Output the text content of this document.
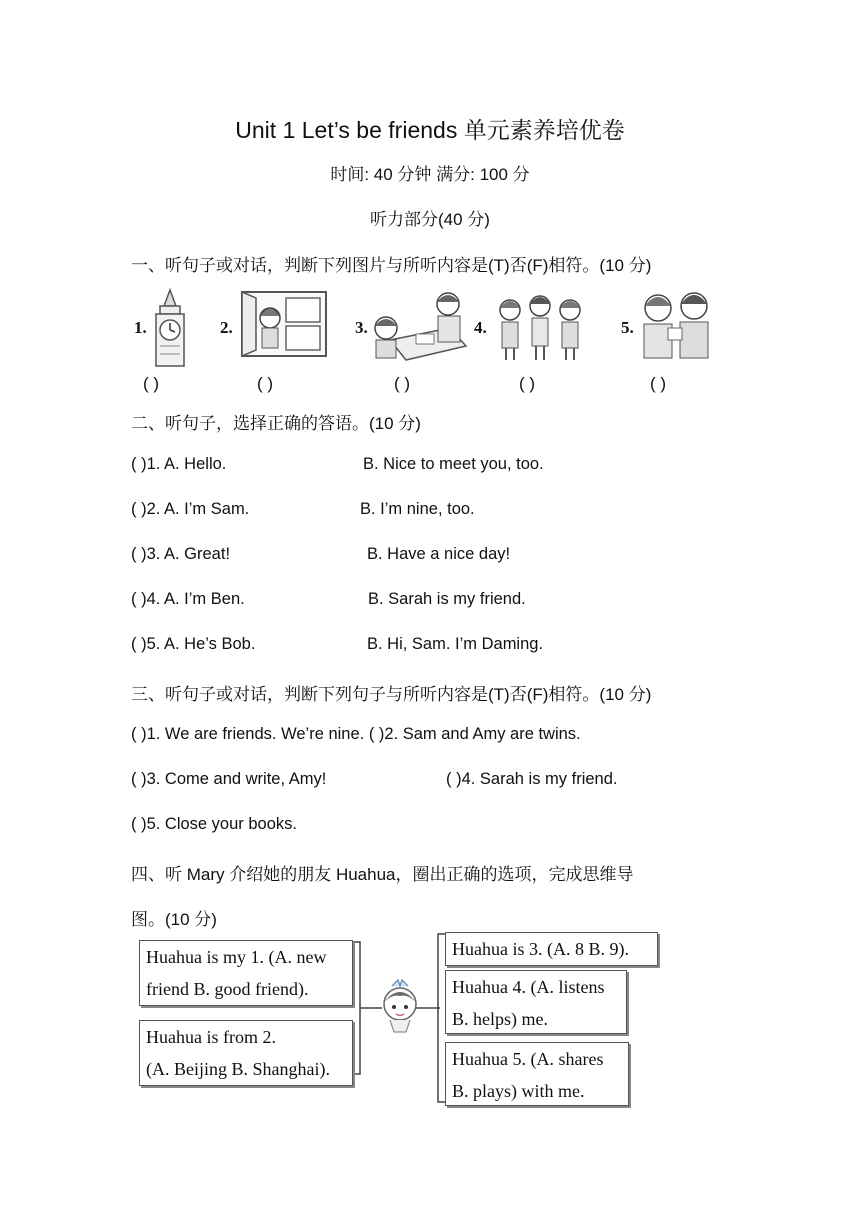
Unit 1 Let’s be friends 单元素养培优卷
时间: 40 分钟 满分: 100 分
听力部分(40 分)
一、听句子或对话，判断下列图片与所听内容是(T)否(F)相符。(10 分)
1.
( )
2.
( )
3.
( )
4.
( )
5.
( )
二、听句子，选择正确的答语。(10 分)
( )1. A. Hello.	B. Nice to meet you, too.
( )2. A. I’m Sam.	B. I’m nine, too.
( )3. A. Great!	B. Have a nice day!
( )4. A. I’m Ben.	B. Sarah is my friend.
( )5. A. He’s Bob.	B. Hi, Sam. I’m Daming.
三、听句子或对话，判断下列句子与所听内容是(T)否(F)相符。(10 分)
( )1. We are friends. We’re nine. ( )2. Sam and Amy are twins.
( )3. Come and write, Amy!	( )4. Sarah is my friend.
( )5. Close your books.
四、听 Mary 介绍她的朋友 Huahua，圈出正确的选项，完成思维导
图。(10 分)
Huahua is my 1. (A. new
friend B. good friend).
Huahua is from 2.
(A. Beijing B. Shanghai).
Huahua is 3. (A. 8 B. 9).
Huahua 4. (A. listens
B. helps) me.
Huahua 5. (A. shares
B. plays) with me.
